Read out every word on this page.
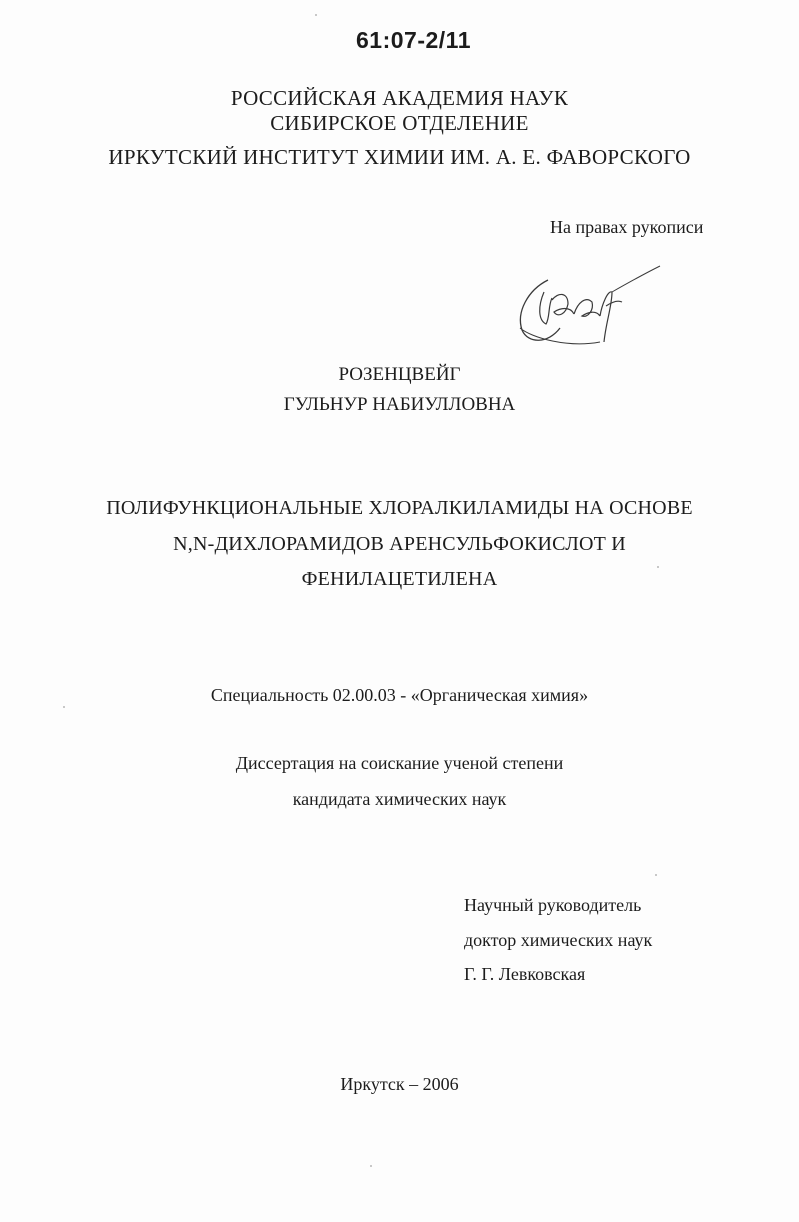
61:07-2/11
РОССИЙСКАЯ АКАДЕМИЯ НАУК
СИБИРСКОЕ ОТДЕЛЕНИЕ
ИРКУТСКИЙ ИНСТИТУТ ХИМИИ ИМ. А. Е. ФАВОРСКОГО
На правах рукописи
РОЗЕНЦВЕЙГ
ГУЛЬНУР НАБИУЛЛОВНА
ПОЛИФУНКЦИОНАЛЬНЫЕ ХЛОРАЛКИЛАМИДЫ НА ОСНОВЕ
N,N-ДИХЛОРАМИДОВ АРЕНСУЛЬФОКИСЛОТ И
ФЕНИЛАЦЕТИЛЕНА
Специальность 02.00.03 - «Органическая химия»
Диссертация на соискание ученой степени
кандидата химических наук
Научный руководитель
доктор химических наук
Г. Г. Левковская
Иркутск – 2006
